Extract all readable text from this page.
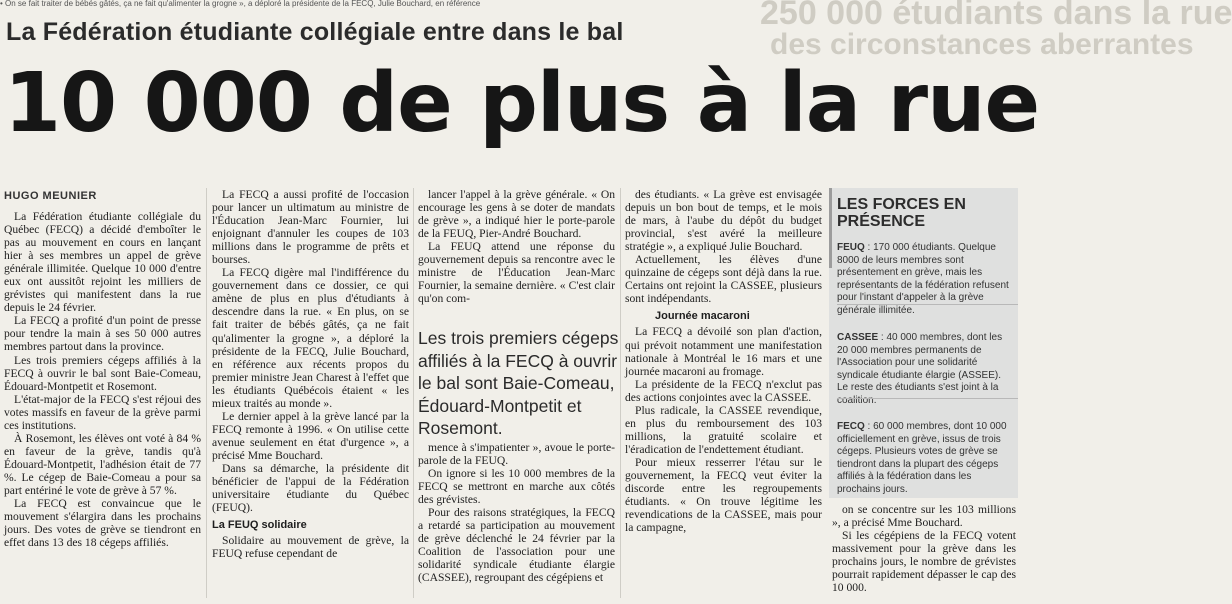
• On se fait traiter de bébés gâtés, ça ne fait qu'alimenter la grogne », a déploré la présidente de la FECQ, Julie Bouchard, en référence	250 000 étudiants dans la rue
des circonstances aberrantes
La Fédération étudiante collégiale entre dans le bal
10 000 de plus à la rue
HUGO MEUNIER

La Fédération étudiante collégiale du Québec (FECQ) a décidé d'emboîter le pas au mouvement en cours en lançant hier à ses membres un appel de grève générale illimitée. Quelque 10 000 d'entre eux ont aussitôt rejoint les milliers de grévistes qui manifestent dans la rue depuis le 24 février.

La FECQ a profité d'un point de presse pour tendre la main à ses 50 000 autres membres partout dans la province.

Les trois premiers cégeps affiliés à la FECQ à ouvrir le bal sont Baie-Comeau, Édouard-Montpetit et Rosemont.

L'état-major de la FECQ s'est réjoui des votes massifs en faveur de la grève parmi ces institutions.

À Rosemont, les élèves ont voté à 84 % en faveur de la grève, tandis qu'à Édouard-Montpetit, l'adhésion était de 77 %. Le cégep de Baie-Comeau a pour sa part entériné le vote de grève à 57 %.

La FECQ est convaincue que le mouvement s'élargira dans les prochains jours. Des votes de grève se tiendront en effet dans 13 des 18 cégeps affiliés.

La FECQ a aussi profité de l'occasion pour lancer un ultimatum au ministre de l'Éducation Jean-Marc Fournier, lui enjoignant d'annuler les coupes de 103 millions dans le programme de prêts et bourses.

La FECQ digère mal l'indifférence du gouvernement dans ce dossier, ce qui amène de plus en plus d'étudiants à descendre dans la rue. « En plus, on se fait traiter de bébés gâtés, ça ne fait qu'alimenter la grogne », a déploré la présidente de la FECQ, Julie Bouchard, en référence aux récents propos du premier ministre Jean Charest à l'effet que les étudiants Québécois étaient « les mieux traités au monde ».

Le dernier appel à la grève lancé par la FECQ remonte à 1996. « On utilise cette avenue seulement en état d'urgence », a précisé Mme Bouchard.

Dans sa démarche, la présidente dit bénéficier de l'appui de la Fédération universitaire étudiante du Québec (FEUQ).

La FEUQ solidaire

Solidaire au mouvement de grève, la FEUQ refuse cependant de

lancer l'appel à la grève générale. « On encourage les gens à se doter de mandats de grève », a indiqué hier le porte-parole de la FEUQ, Pier-André Bouchard.

La FEUQ attend une réponse du gouvernement depuis sa rencontre avec le ministre de l'Éducation Jean-Marc Fournier, la semaine dernière. « C'est clair qu'on com-

Les trois premiers cégeps affiliés à la FECQ à ouvrir le bal sont Baie-Comeau, Édouard-Montpetit et Rosemont.

mence à s'impatienter », avoue le porte-parole de la FEUQ.

On ignore si les 10 000 membres de la FECQ se mettront en marche aux côtés des grévistes.

Pour des raisons stratégiques, la FECQ a retardé sa participation au mouvement de grève déclenché le 24 février par la Coalition de l'association pour une solidarité syndicale étudiante élargie (CASSEE), regroupant des cégépiens et

des étudiants. « La grève est envisagée depuis un bon bout de temps, et le mois de mars, à l'aube du dépôt du budget provincial, s'est avéré la meilleure stratégie », a expliqué Julie Bouchard.

Actuellement, les élèves d'une quinzaine de cégeps sont déjà dans la rue. Certains ont rejoint la CASSEE, plusieurs sont indépendants.

Journée macaroni

La FECQ a dévoilé son plan d'action, qui prévoit notamment une manifestation nationale à Montréal le 16 mars et une journée macaroni au fromage.

La présidente de la FECQ n'exclut pas des actions conjointes avec la CASSEE.

Plus radicale, la CASSEE revendique, en plus du remboursement des 103 millions, la gratuité scolaire et l'éradication de l'endettement étudiant.

Pour mieux resserrer l'étau sur le gouvernement, la FECQ veut éviter la discorde entre les regroupements étudiants. « On trouve légitime les revendications de la CASSEE, mais pour la campagne,

LES FORCES EN PRÉSENCE
FEUQ : 170 000 étudiants. Quelque 8000 de leurs membres sont présentement en grève, mais les représentants de la fédération refusent pour l'instant d'appeler à la grève générale illimitée.
CASSEE : 40 000 membres, dont les 20 000 membres permanents de l'Association pour une solidarité syndicale étudiante élargie (ASSEE). Le reste des étudiants s'est joint à la coalition.
FECQ : 60 000 membres, dont 10 000 officiellement en grève, issus de trois cégeps. Plusieurs votes de grève se tiendront dans la plupart des cégeps affiliés à la fédération dans les prochains jours.

on se concentre sur les 103 millions », a précisé Mme Bouchard.

Si les cégépiens de la FECQ votent massivement pour la grève dans les prochains jours, le nombre de grévistes pourrait rapidement dépasser le cap des 10 000.
